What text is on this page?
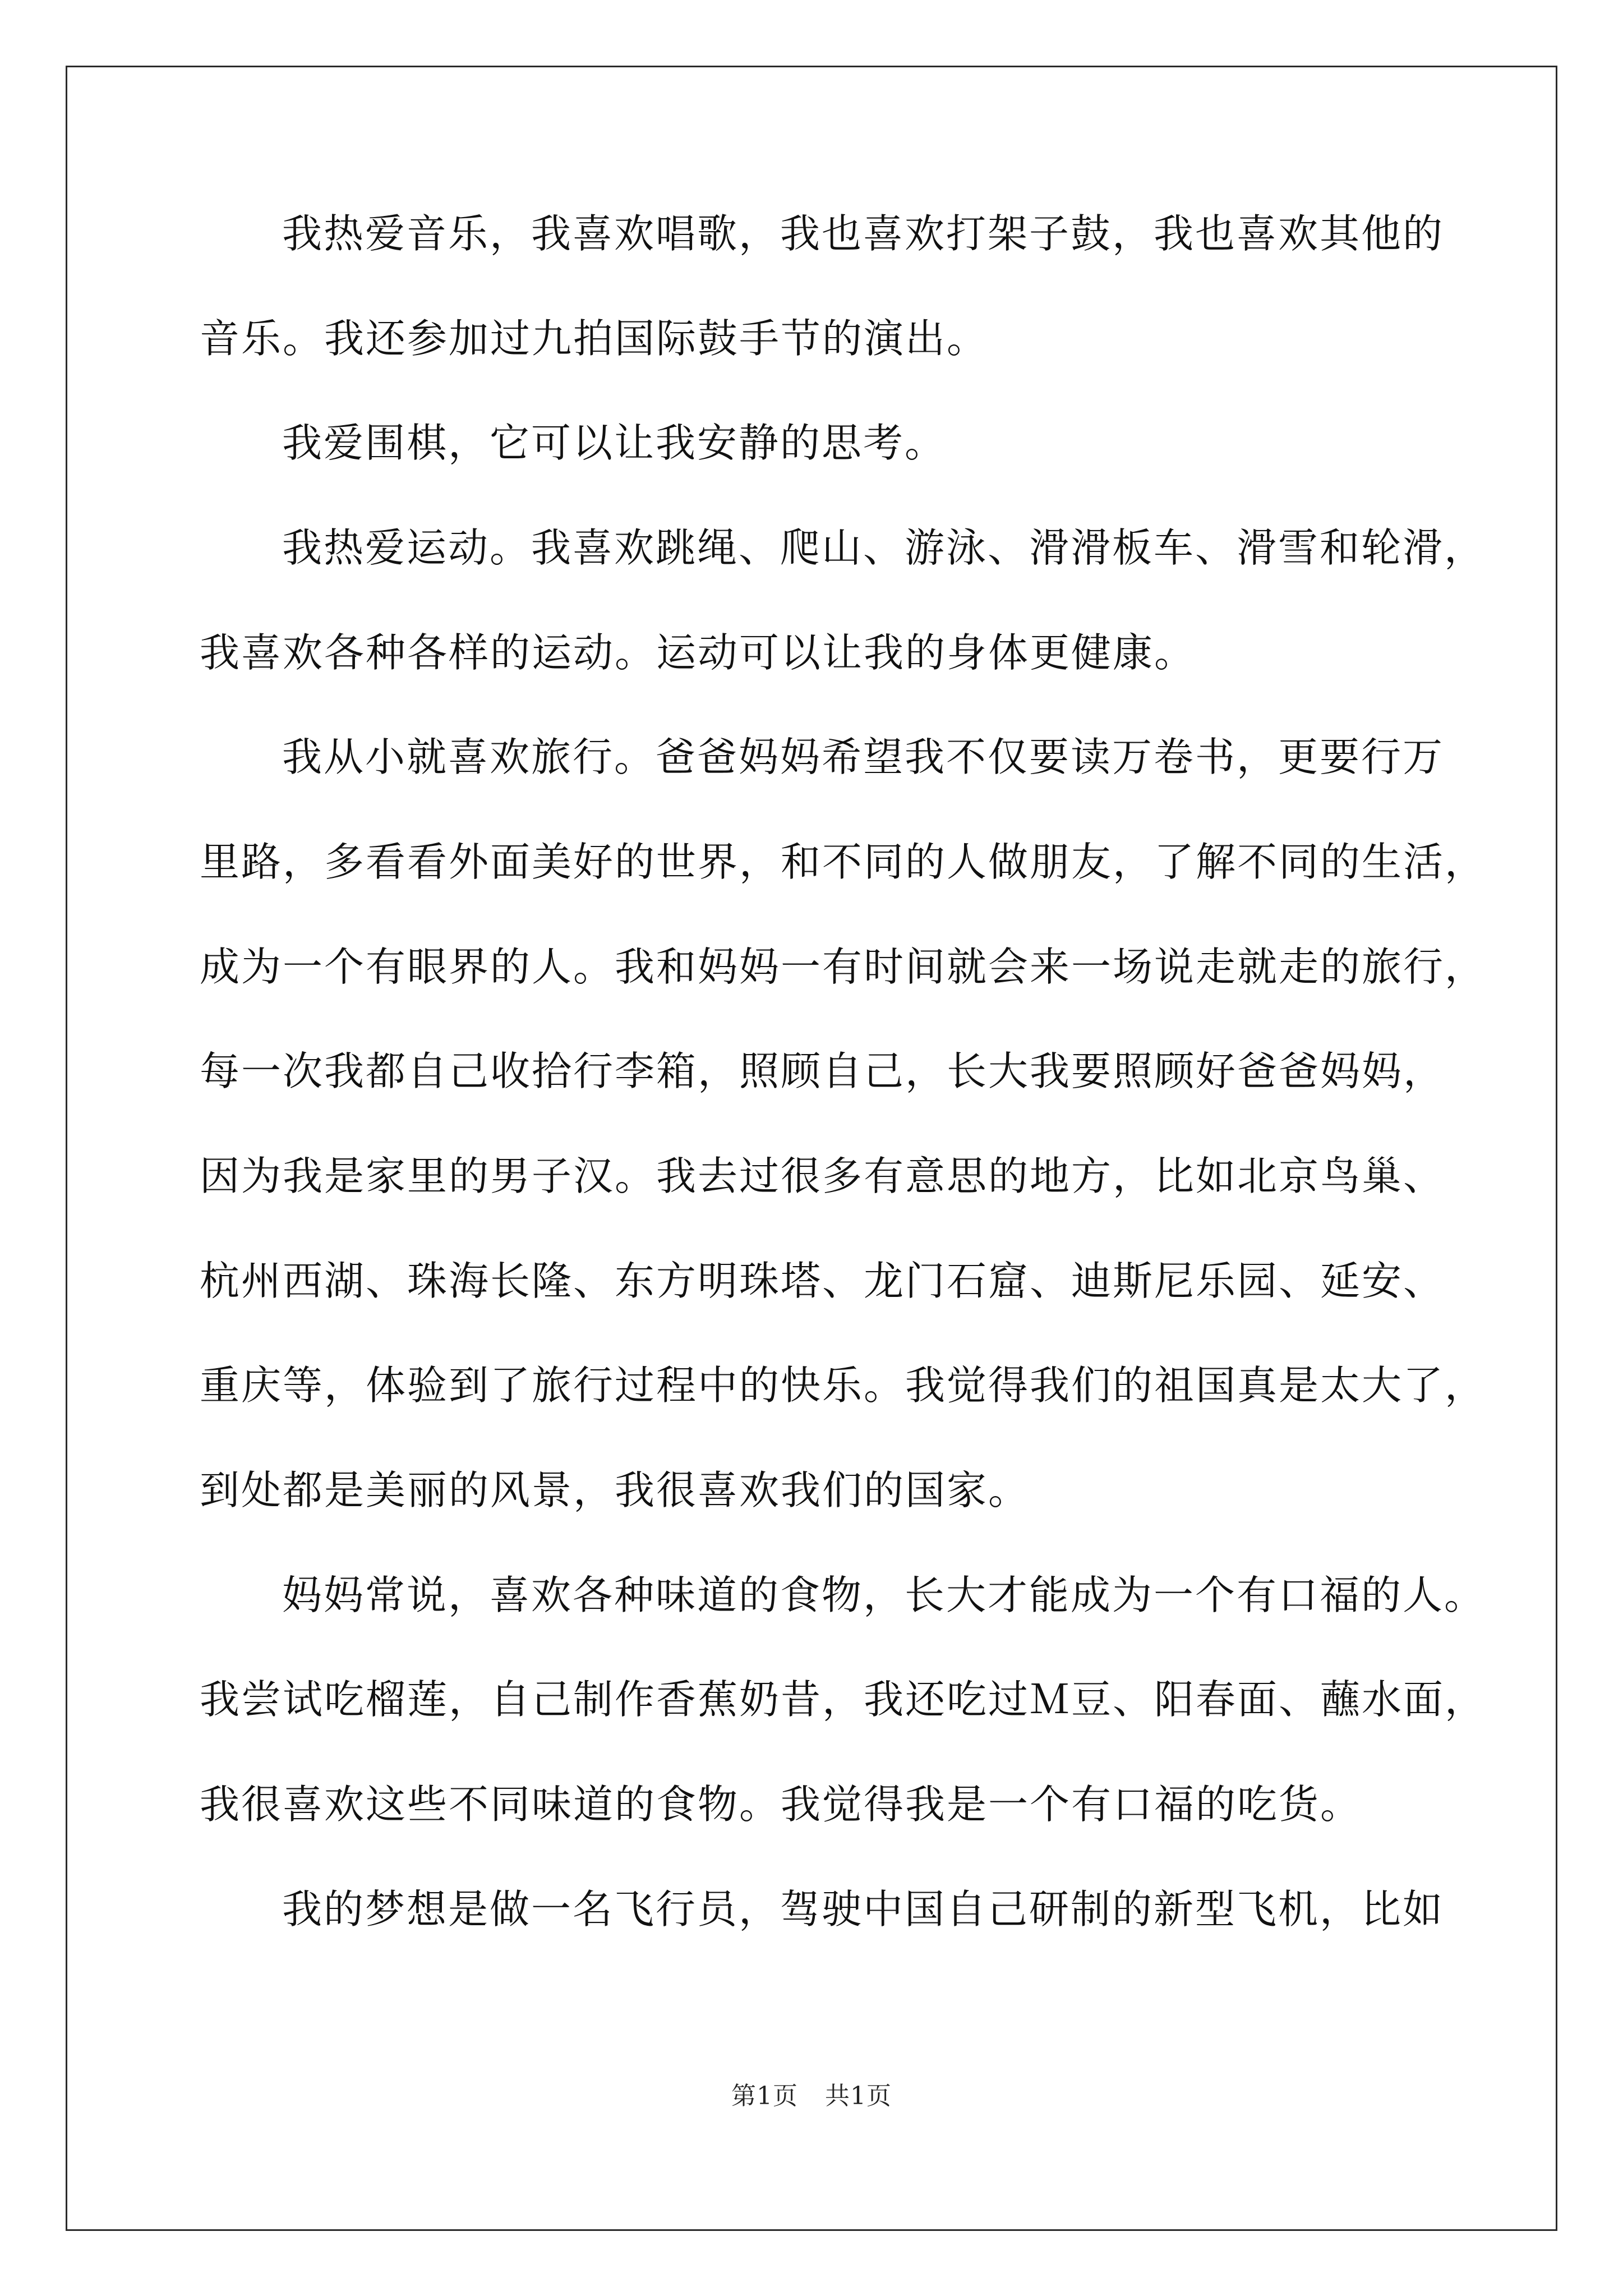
我热爱音乐，我喜欢唱歌，我也喜欢打架子鼓，我也喜欢其他的
音乐。我还参加过九拍国际鼓手节的演出。
我爱围棋，它可以让我安静的思考。
我热爱运动。我喜欢跳绳、爬山、游泳、滑滑板车、滑雪和轮滑，
我喜欢各种各样的运动。运动可以让我的身体更健康。
我从小就喜欢旅行。爸爸妈妈希望我不仅要读万卷书，更要行万
里路，多看看外面美好的世界，和不同的人做朋友，了解不同的生活，
成为一个有眼界的人。我和妈妈一有时间就会来一场说走就走的旅行，
每一次我都自己收拾行李箱，照顾自己，长大我要照顾好爸爸妈妈，
因为我是家里的男子汉。我去过很多有意思的地方，比如北京鸟巢、
杭州西湖、珠海长隆、东方明珠塔、龙门石窟、迪斯尼乐园、延安、
重庆等，体验到了旅行过程中的快乐。我觉得我们的祖国真是太大了，
到处都是美丽的风景，我很喜欢我们的国家。
妈妈常说，喜欢各种味道的食物，长大才能成为一个有口福的人。
我尝试吃榴莲，自己制作香蕉奶昔，我还吃过Ｍ豆、阳春面、蘸水面，
我很喜欢这些不同味道的食物。我觉得我是一个有口福的吃货。
我的梦想是做一名飞行员，驾驶中国自己研制的新型飞机，比如
第1页 共1页
